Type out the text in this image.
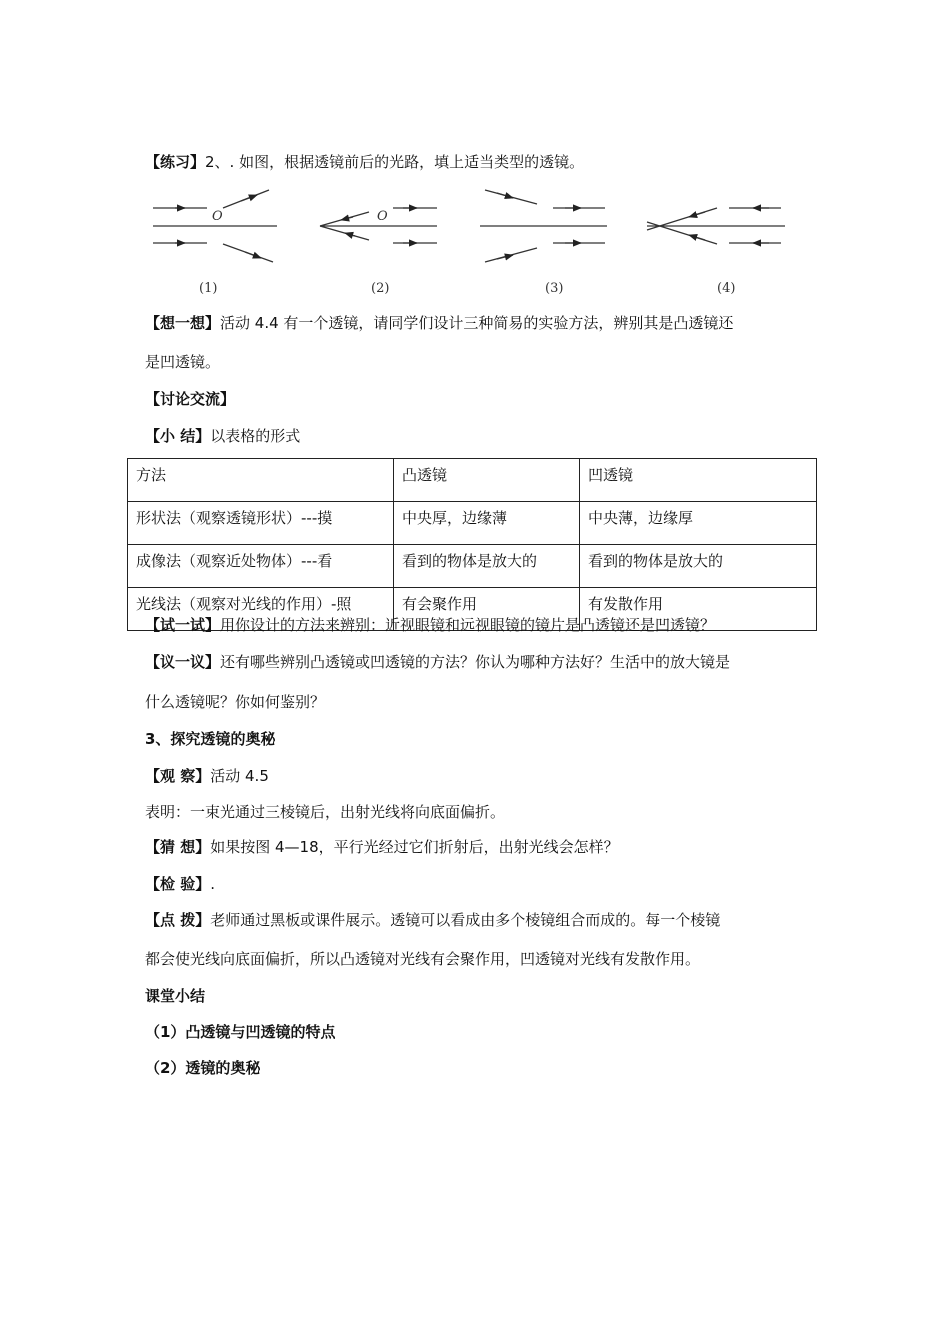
【练习】2、. 如图，根据透镜前后的光路，填上适当类型的透镜。
O	O
(1)	(2)	(3)	(4)
【想一想】活动 4.4 有一个透镜，请同学们设计三种简易的实验方法，辨别其是凸透镜还
是凹透镜。
【讨论交流】
【小 结】以表格的形式
方法	凸透镜	凹透镜
形状法（观察透镜形状）---摸	中央厚，边缘薄	中央薄，边缘厚
成像法（观察近处物体）---看	看到的物体是放大的	看到的物体是放大的
光线法（观察对光线的作用）-照	有会聚作用	有发散作用
【试一试】用你设计的方法来辨别：近视眼镜和远视眼镜的镜片是凸透镜还是凹透镜？
【议一议】还有哪些辨别凸透镜或凹透镜的方法？你认为哪种方法好？生活中的放大镜是
什么透镜呢？你如何鉴别？
3、探究透镜的奥秘
【观 察】活动 4.5
表明：一束光通过三棱镜后，出射光线将向底面偏折。
【猜 想】如果按图 4—18，平行光经过它们折射后，出射光线会怎样？
【检 验】.
【点 拨】老师通过黑板或课件展示。透镜可以看成由多个棱镜组合而成的。每一个棱镜
都会使光线向底面偏折，所以凸透镜对光线有会聚作用，凹透镜对光线有发散作用。
课堂小结
（1）凸透镜与凹透镜的特点
（2）透镜的奥秘
